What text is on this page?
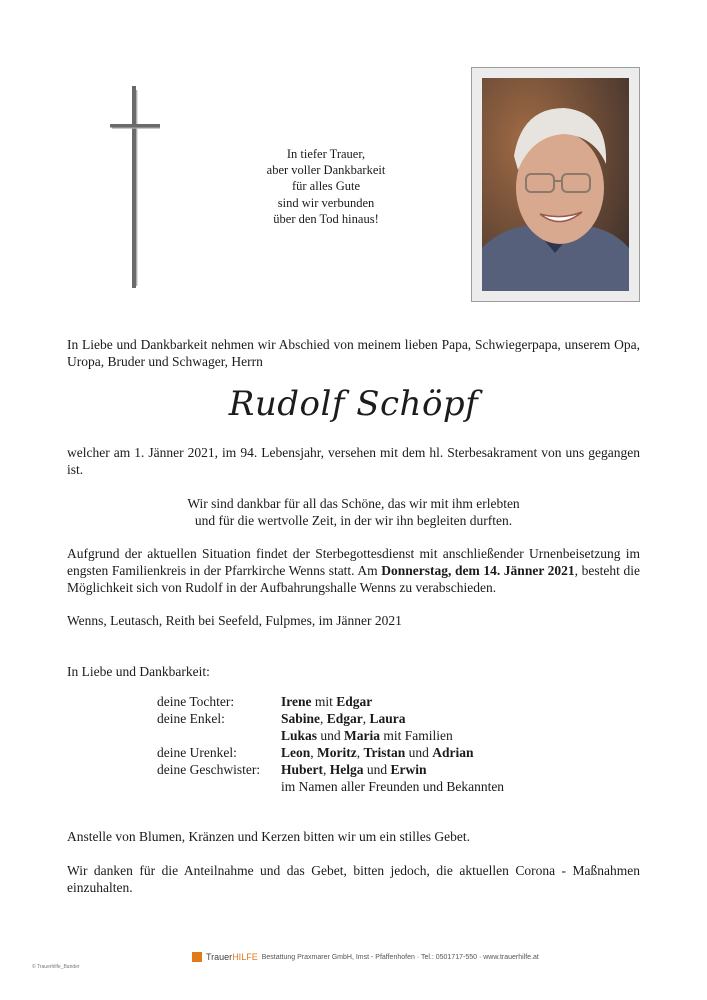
In tiefer Trauer,
aber voller Dankbarkeit
für alles Gute
sind wir verbunden
über den Tod hinaus!
In Liebe und Dankbarkeit nehmen wir Abschied von meinem lieben Papa, Schwiegerpapa, unserem Opa, Uropa, Bruder und Schwager, Herrn
Rudolf Schöpf
welcher am 1. Jänner 2021, im 94. Lebensjahr, versehen mit dem hl. Sterbesakrament von uns gegangen ist.
Wir sind dankbar für all das Schöne, das wir mit ihm erlebten
und für die wertvolle Zeit, in der wir ihn begleiten durften.
Aufgrund der aktuellen Situation findet der Sterbegottesdienst mit anschließender Urnenbeisetzung im engsten Familienkreis in der Pfarrkirche Wenns statt. Am Donnerstag, dem 14. Jänner 2021, besteht die Möglichkeit sich von Rudolf in der Aufbahrungshalle Wenns zu verabschieden.
Wenns, Leutasch, Reith bei Seefeld, Fulpmes, im Jänner 2021
In Liebe und Dankbarkeit:
deine Tochter:	Irene mit Edgar
deine Enkel:	Sabine, Edgar, Laura
Lukas und Maria mit Familien
deine Urenkel:	Leon, Moritz, Tristan und Adrian
deine Geschwister:	Hubert, Helga und Erwin
im Namen aller Freunden und Bekannten
Anstelle von Blumen, Kränzen und Kerzen bitten wir um ein stilles Gebet.
Wir danken für die Anteilnahme und das Gebet, bitten jedoch, die aktuellen Corona - Maßnahmen einzuhalten.
TrauerHILFE Bestattung Praxmarer GmbH, Imst - Pfaffenhofen · Tel.: 0501717-550 · www.trauerhilfe.at
© Trauerhilfe_Bander
